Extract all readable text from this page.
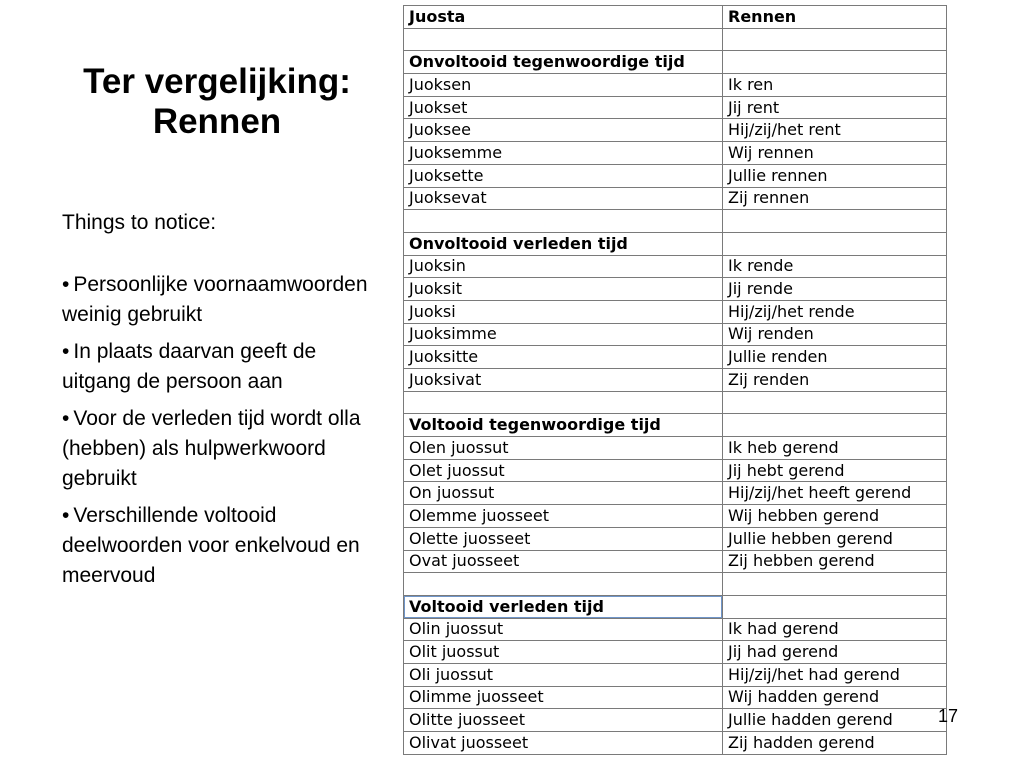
Ter vergelijking:
Rennen

Things to notice:

• Persoonlijke voornaamwoorden weinig gebruikt
• In plaats daarvan geeft de uitgang de persoon aan
• Voor de verleden tijd wordt olla (hebben) als hulpwerkwoord gebruikt
• Verschillende voltooid deelwoorden voor enkelvoud en meervoud
Juosta	Rennen

Onvoltooid tegenwoordige tijd	
Juoksen	Ik ren
Juokset	Jij rent
Juoksee	Hij/zij/het rent
Juoksemme	Wij rennen
Juoksette	Jullie rennen
Juoksevat	Zij rennen

Onvoltooid verleden tijd	
Juoksin	Ik rende
Juoksit	Jij rende
Juoksi	Hij/zij/het rende
Juoksimme	Wij renden
Juoksitte	Jullie renden
Juoksivat	Zij renden

Voltooid tegenwoordige tijd	
Olen juossut	Ik heb gerend
Olet juossut	Jij hebt gerend
On juossut	Hij/zij/het heeft gerend
Olemme juosseet	Wij hebben gerend
Olette juosseet	Jullie hebben gerend
Ovat juosseet	Zij hebben gerend

Voltooid verleden tijd	
Olin juossut	Ik had gerend
Olit juossut	Jij had gerend
Oli juossut	Hij/zij/het had gerend
Olimme juosseet	Wij hadden gerend
Olitte juosseet	Jullie hadden gerend
Olivat juosseet	Zij hadden gerend
17
